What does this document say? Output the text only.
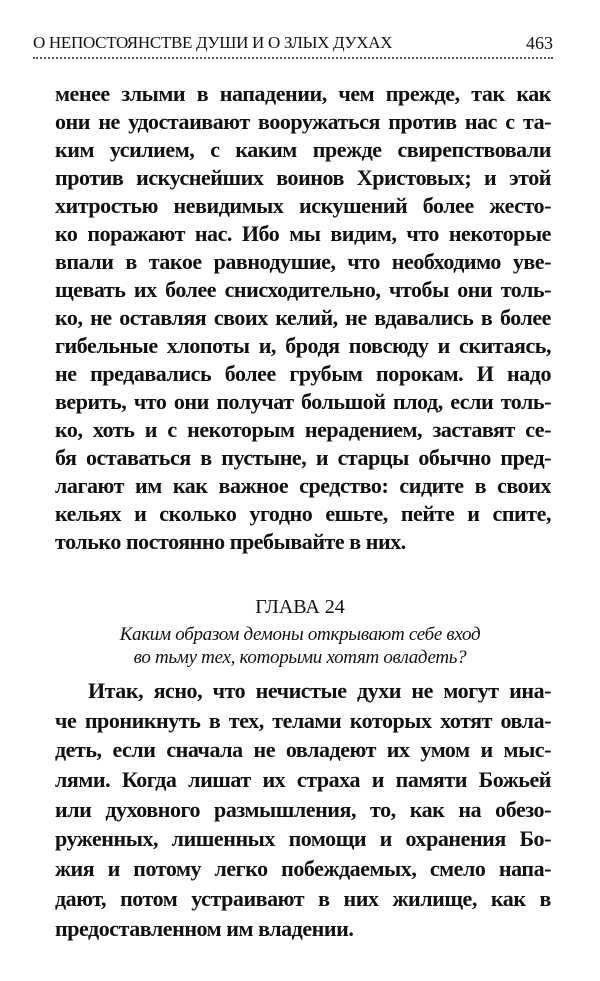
О НЕПОСТОЯНСТВЕ ДУШИ И О ЗЛЫХ ДУХАХ	463
менее злыми в нападении, чем прежде, так как
они не удостаивают вооружаться против нас с та-
ким усилием, с каким прежде свирепствовали
против искуснейших воинов Христовых; и этой
хитростью невидимых искушений более жесто-
ко поражают нас. Ибо мы видим, что некоторые
впали в такое равнодушие, что необходимо уве-
щевать их более снисходительно, чтобы они толь-
ко, не оставляя своих келий, не вдавались в более
гибельные хлопоты и, бродя повсюду и скитаясь,
не предавались более грубым порокам. И надо
верить, что они получат большой плод, если толь-
ко, хоть и с некоторым нерадением, заставят се-
бя оставаться в пустыне, и старцы обычно пред-
лагают им как важное средство: сидите в своих
кельях и сколько угодно ешьте, пейте и спите,
только постоянно пребывайте в них.
ГЛАВА 24
Каким образом демоны открывают себе вход
во тьму тех, которыми хотят овладеть?
Итак, ясно, что нечистые духи не могут ина-
че проникнуть в тех, телами которых хотят овла-
деть, если сначала не овладеют их умом и мыс-
лями. Когда лишат их страха и памяти Божьей
или духовного размышления, то, как на обезо-
руженных, лишенных помощи и охранения Бо-
жия и потому легко побеждаемых, смело напа-
дают, потом устраивают в них жилище, как в
предоставленном им владении.
